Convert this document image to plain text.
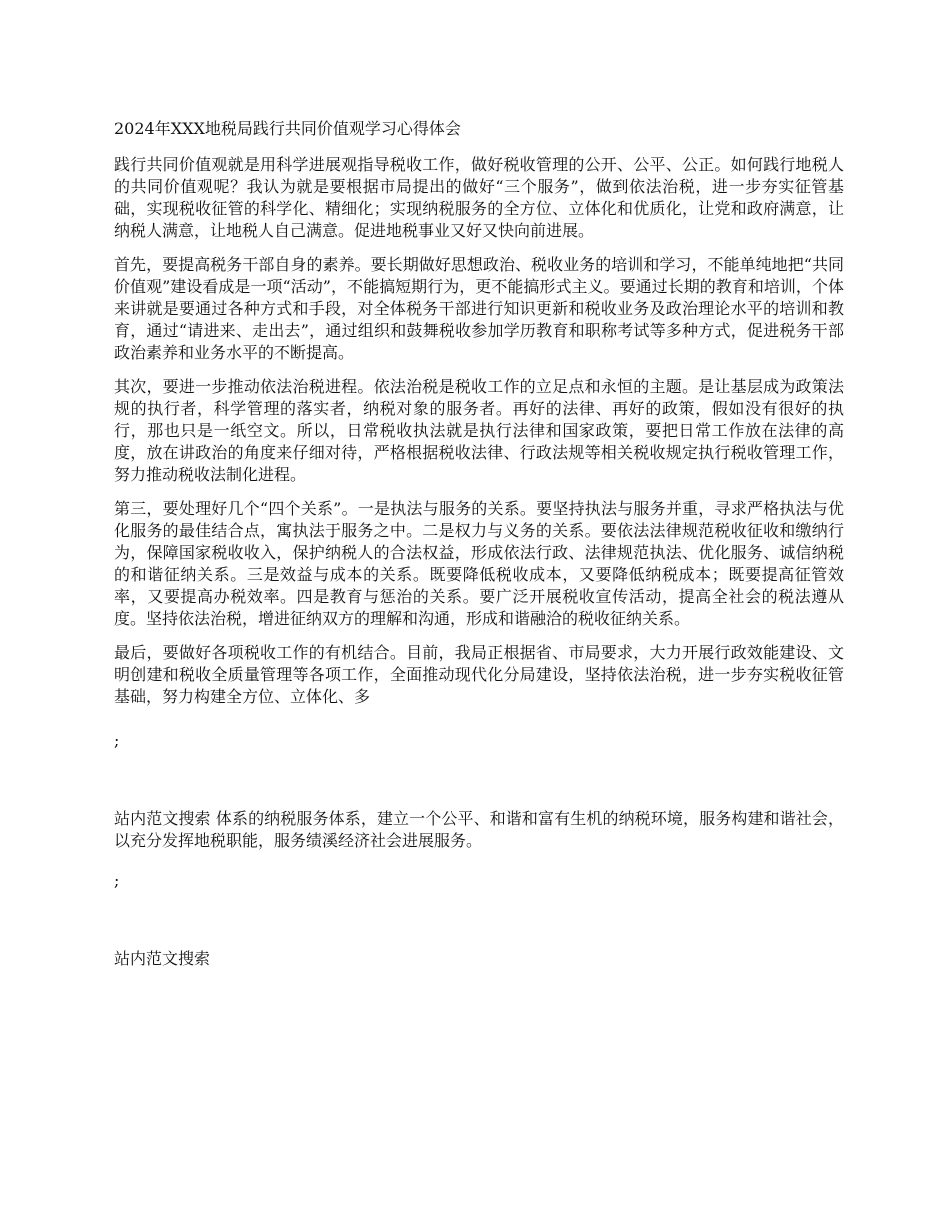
2024年XXX地税局践行共同价值观学习心得体会

践行共同价值观就是用科学进展观指导税收工作，做好税收管理的公开、公平、公正。如何践行地税人的共同价值观呢？我认为就是要根据市局提出的做好“三个服务”，做到依法治税，进一步夯实征管基础，实现税收征管的科学化、精细化；实现纳税服务的全方位、立体化和优质化，让党和政府满意，让纳税人满意，让地税人自己满意。促进地税事业又好又快向前进展。

首先，要提高税务干部自身的素养。要长期做好思想政治、税收业务的培训和学习，不能单纯地把“共同价值观”建设看成是一项“活动”，不能搞短期行为，更不能搞形式主义。要通过长期的教育和培训，个体来讲就是要通过各种方式和手段，对全体税务干部进行知识更新和税收业务及政治理论水平的培训和教育，通过“请进来、走出去”，通过组织和鼓舞税收参加学历教育和职称考试等多种方式，促进税务干部政治素养和业务水平的不断提高。

其次，要进一步推动依法治税进程。依法治税是税收工作的立足点和永恒的主题。是让基层成为政策法规的执行者，科学管理的落实者，纳税对象的服务者。再好的法律、再好的政策，假如没有很好的执行，那也只是一纸空文。所以，日常税收执法就是执行法律和国家政策，要把日常工作放在法律的高度，放在讲政治的角度来仔细对待，严格根据税收法律、行政法规等相关税收规定执行税收管理工作，努力推动税收法制化进程。

第三，要处理好几个“四个关系”。一是执法与服务的关系。要坚持执法与服务并重，寻求严格执法与优化服务的最佳结合点，寓执法于服务之中。二是权力与义务的关系。要依法法律规范税收征收和缴纳行为，保障国家税收收入，保护纳税人的合法权益，形成依法行政、法律规范执法、优化服务、诚信纳税的和谐征纳关系。三是效益与成本的关系。既要降低税收成本，又要降低纳税成本；既要提高征管效率，又要提高办税效率。四是教育与惩治的关系。要广泛开展税收宣传活动，提高全社会的税法遵从度。坚持依法治税，增进征纳双方的理解和沟通，形成和谐融洽的税收征纳关系。

最后，要做好各项税收工作的有机结合。目前，我局正根据省、市局要求，大力开展行政效能建设、文明创建和税收全质量管理等各项工作，全面推动现代化分局建设，坚持依法治税，进一步夯实税收征管基础，努力构建全方位、立体化、多

;

站内范文搜索 体系的纳税服务体系，建立一个公平、和谐和富有生机的纳税环境，服务构建和谐社会，以充分发挥地税职能，服务绩溪经济社会进展服务。

;

站内范文搜索
